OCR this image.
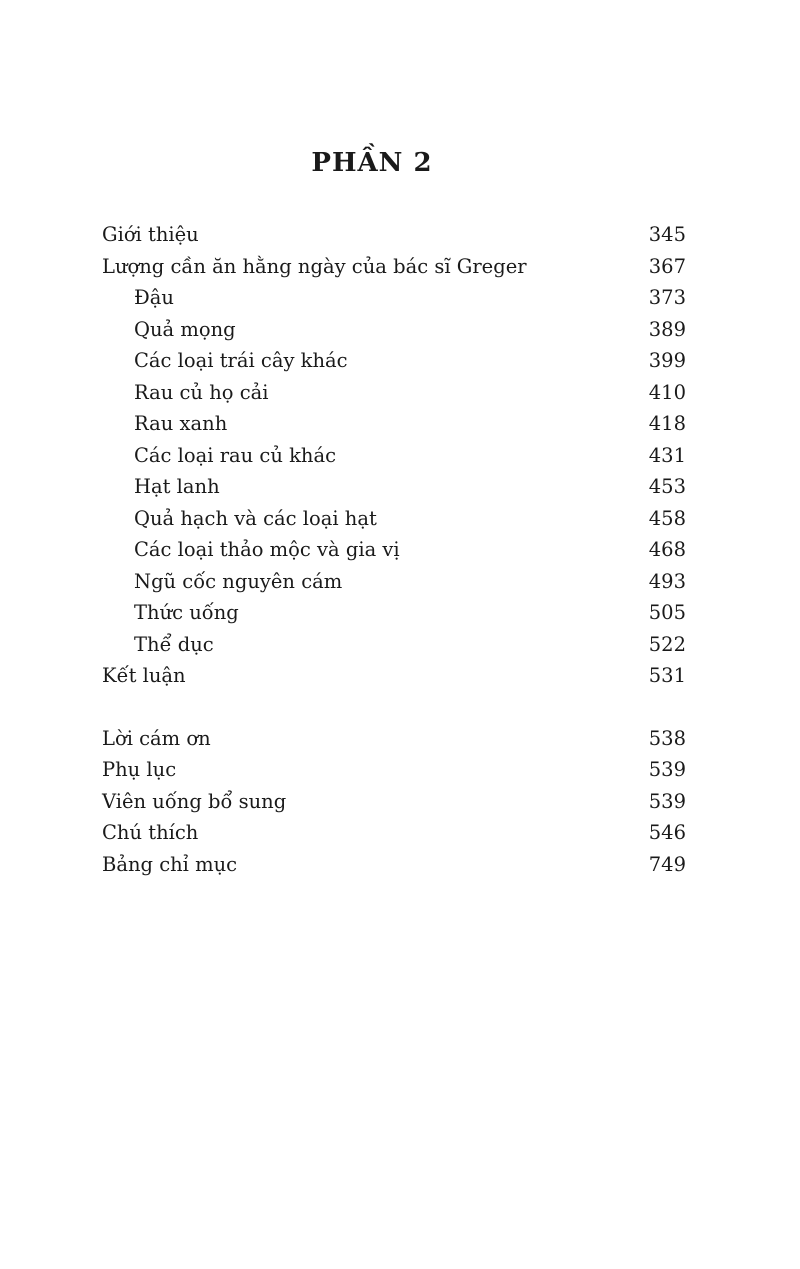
PHẦN 2
Giới thiệu	345
Lượng cần ăn hằng ngày của bác sĩ Greger	367
Đậu	373
Quả mọng	389
Các loại trái cây khác	399
Rau củ họ cải	410
Rau xanh	418
Các loại rau củ khác	431
Hạt lanh	453
Quả hạch và các loại hạt	458
Các loại thảo mộc và gia vị	468
Ngũ cốc nguyên cám	493
Thức uống	505
Thể dục	522
Kết luận	531
Lời cám ơn	538
Phụ lục	539
Viên uống bổ sung	539
Chú thích	546
Bảng chỉ mục	749
